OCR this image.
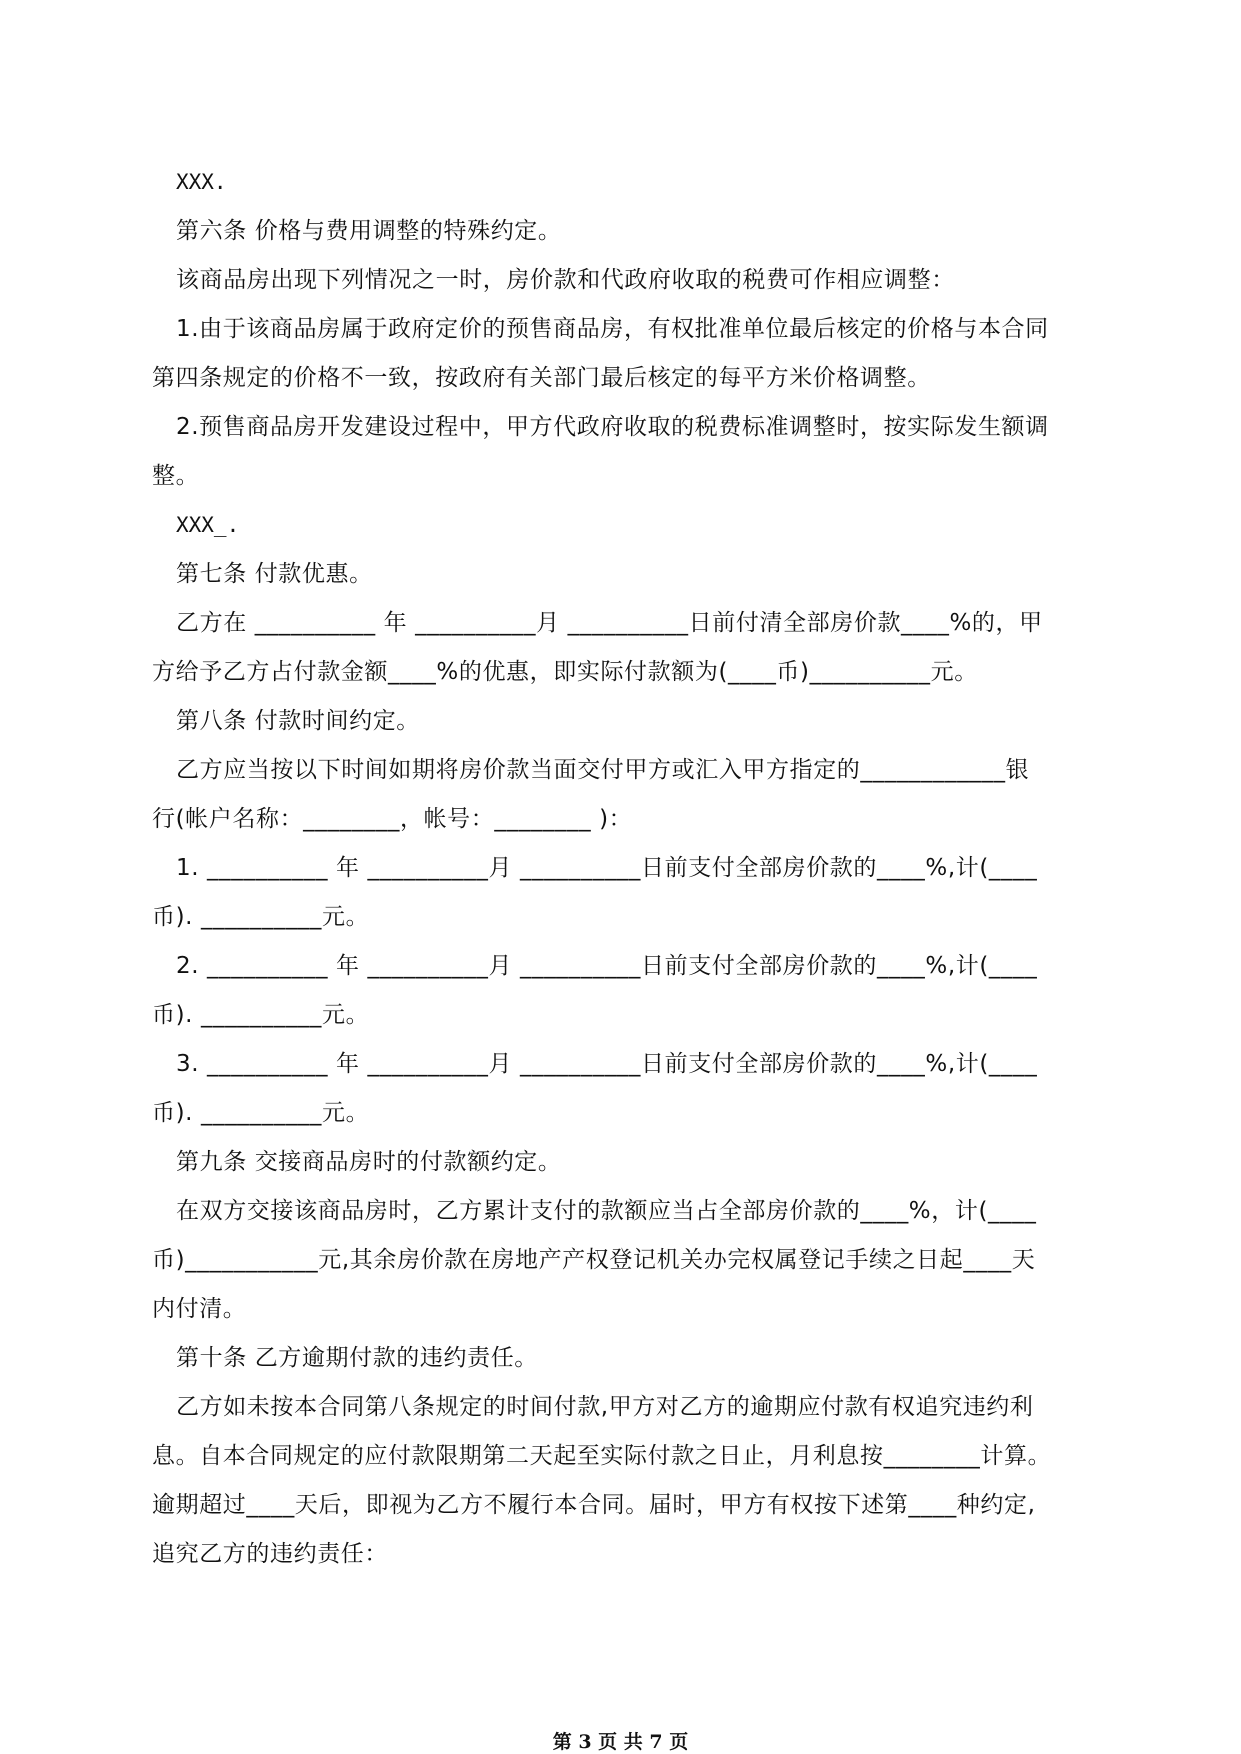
XXX.

第六条 价格与费用调整的特殊约定。

该商品房出现下列情况之一时，房价款和代政府收取的税费可作相应调整：

1.由于该商品房属于政府定价的预售商品房，有权批准单位最后核定的价格与本合同

第四条规定的价格不一致，按政府有关部门最后核定的每平方米价格调整。

2.预售商品房开发建设过程中，甲方代政府收取的税费标准调整时，按实际发生额调

整。

XXX_.

第七条 付款优惠。

乙方在 __________ 年 __________月 __________日前付清全部房价款____%的，甲

方给予乙方占付款金额____%的优惠，即实际付款额为(____币)__________元。

第八条 付款时间约定。

乙方应当按以下时间如期将房价款当面交付甲方或汇入甲方指定的____________银

行(帐户名称：________，帐号：________ )：

1. __________ 年 __________月 __________日前支付全部房价款的____%,计(____

币). __________元。

2. __________ 年 __________月 __________日前支付全部房价款的____%,计(____

币). __________元。

3. __________ 年 __________月 __________日前支付全部房价款的____%,计(____

币). __________元。

第九条 交接商品房时的付款额约定。

在双方交接该商品房时，乙方累计支付的款额应当占全部房价款的____%，计(____

币)___________元,其余房价款在房地产产权登记机关办完权属登记手续之日起____天

内付清。

第十条 乙方逾期付款的违约责任。

乙方如未按本合同第八条规定的时间付款,甲方对乙方的逾期应付款有权追究违约利

息。自本合同规定的应付款限期第二天起至实际付款之日止，月利息按________计算。

逾期超过____天后，即视为乙方不履行本合同。届时，甲方有权按下述第____种约定,

追究乙方的违约责任：

第 3 页 共 7 页
